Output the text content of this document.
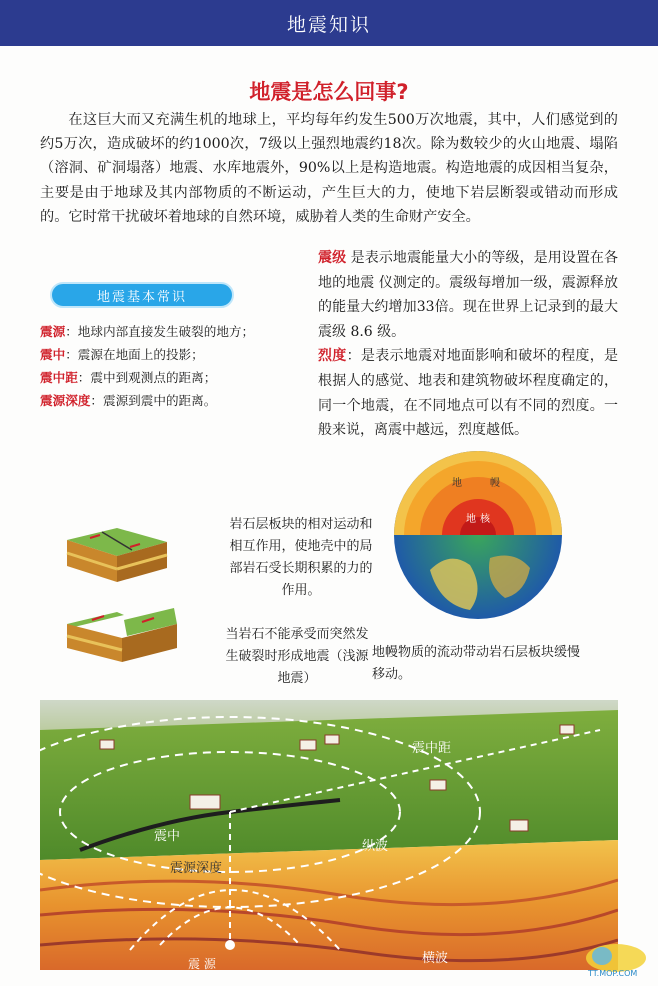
地震知识
地震是怎么回事?

在这巨大而又充满生机的地球上，平均每年约发生500万次地震，其中，人们感觉到的约5万次，造成破坏的约1000次，7级以上强烈地震约18次。除为数较少的火山地震、塌陷（溶洞、矿洞塌落）地震、水库地震外，90%以上是构造地震。构造地震的成因相当复杂，主要是由于地球及其内部物质的不断运动，产生巨大的力，使地下岩层断裂或错动而形成的。它时常干扰破坏着地球的自然环境，威胁着人类的生命财产安全。

地震基本常识
震源：地球内部直接发生破裂的地方；
震中：震源在地面上的投影；
震中距：震中到观测点的距离；
震源深度：震源到震中的距离。

震级 是表示地震能量大小的等级，是用设置在各地的地震 仪测定的。震级每增加一级，震源释放的能量大约增加33倍。现在世界上记录到的最大震级 8.6 级。
烈度：是表示地震对地面影响和破坏的程度，是根据人的感觉、地表和建筑物破坏程度确定的，同一个地震，在不同地点可以有不同的烈度。一般来说，离震中越远，烈度越低。

岩石层板块的相对运动和相互作用，使地壳中的局部岩石受长期积累的力的作用。
当岩石不能承受而突然发生破裂时形成地震（浅源地震）
地	幔
地 核
地幔物质的流动带动岩石层板块缓慢移动。
震中距
震中
纵波
震源深度
震 源	横波
TT.MOP.COM
